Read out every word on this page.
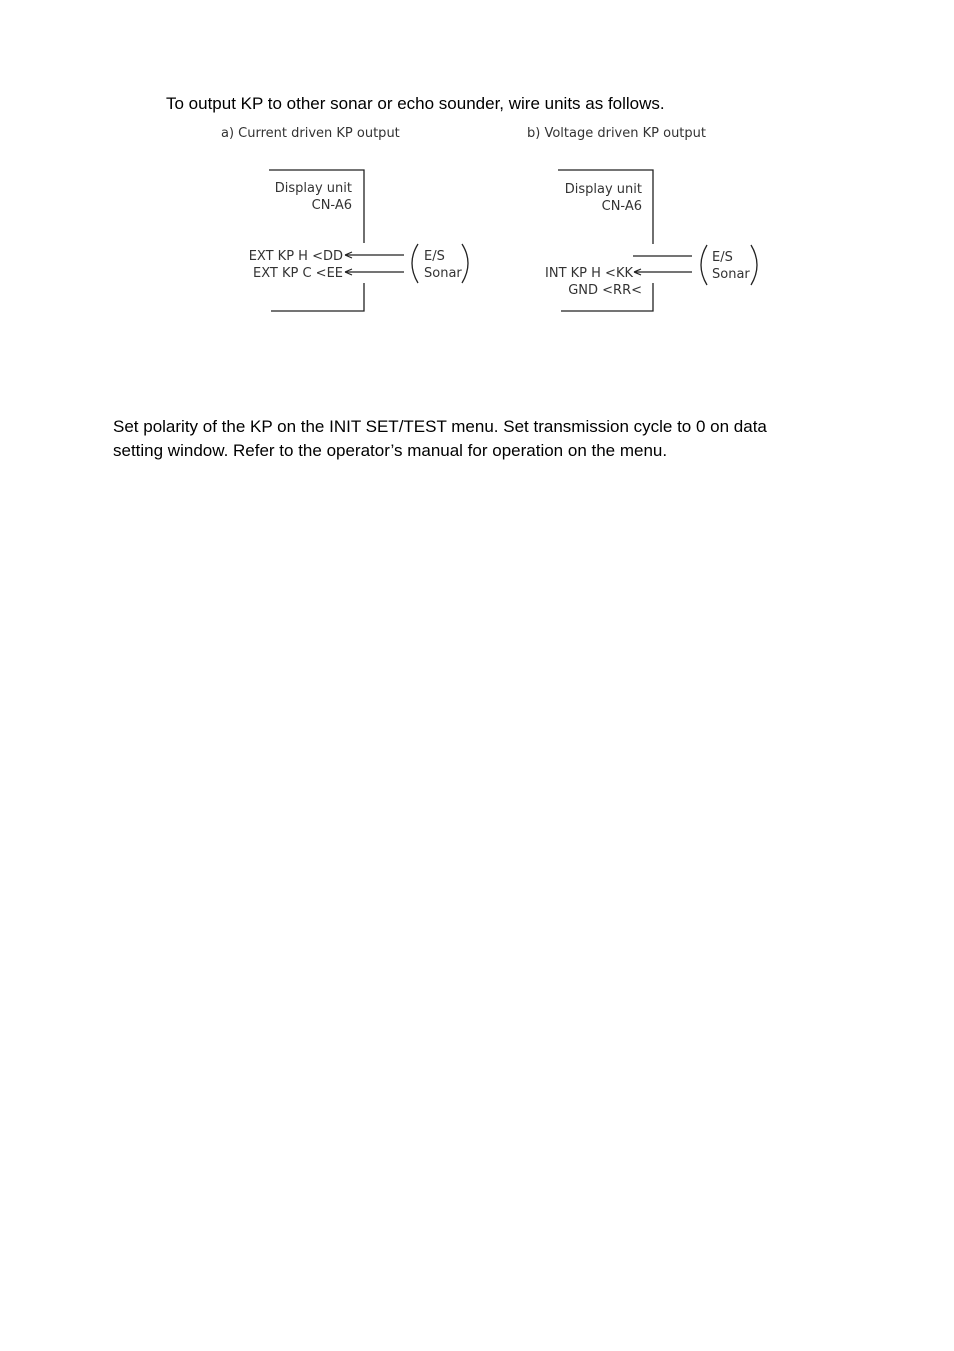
To output KP to other sonar or echo sounder, wire units as follows.

a) Current driven KP output
Display unit
CN-A6
EXT KP H <DD
EXT KP C <EE
E/S
Sonar
b) Voltage driven KP output
Display unit
CN-A6
INT KP H <KK
GND <RR<
E/S
Sonar

Set polarity of the KP on the INIT SET/TEST menu. Set transmission cycle to 0 on data
setting window. Refer to the operator’s manual for operation on the menu.
